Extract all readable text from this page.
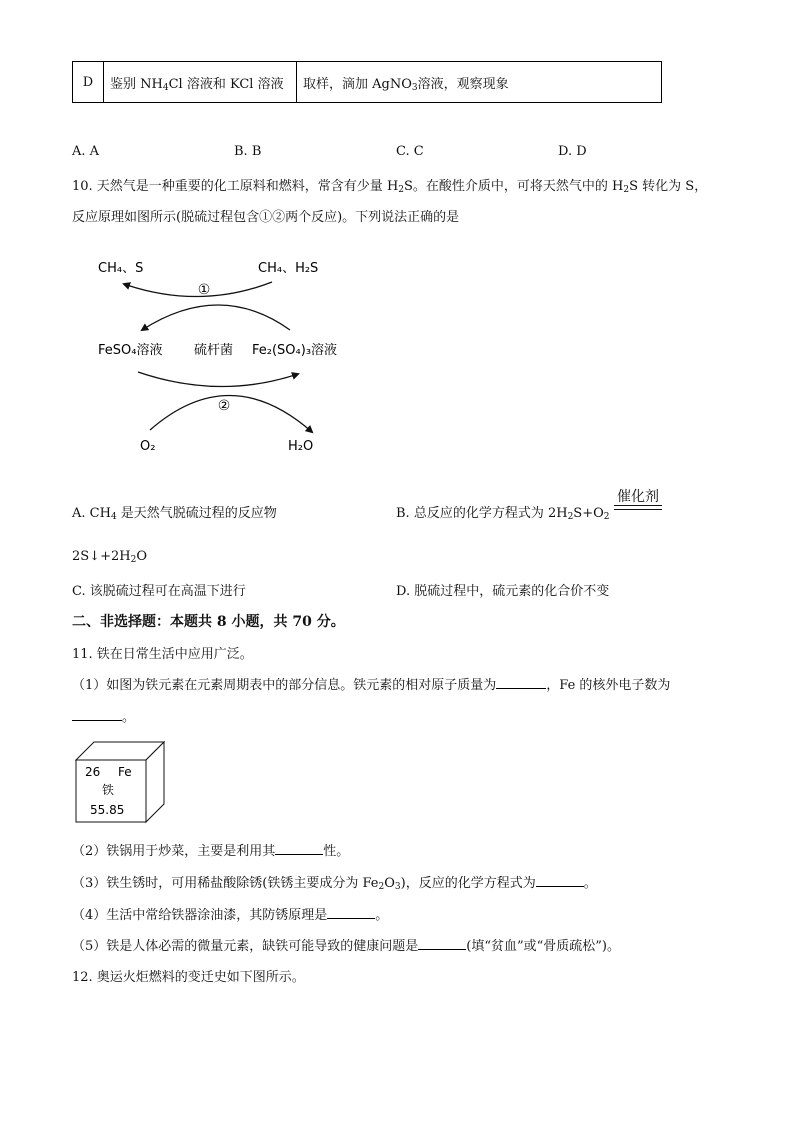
D	鉴别 $NH_4Cl$ 溶液和 KCl 溶液	取样，滴加 AgNO$_3$溶液，观察现象
A. A	B. B	C. C	D. D
10. 天然气是一种重要的化工原料和燃料，常含有少量 $H_2S$。在酸性介质中，可将天然气中的 $H_2S$ 转化为 S，
反应原理如图所示(脱硫过程包含①②两个反应)。下列说法正确的是
CH₄、S	CH₄、H₂S
①
FeSO₄溶液 硫杆菌 Fe₂(SO₄)₃溶液
②
O₂	H₂O
A. $CH_4$ 是天然气脱硫过程的反应物	B. 总反应的化学方程式为 $2H_2S+O_2$
催化剂
$2S↓+2H_2O$
C. 该脱硫过程可在高温下进行	D. 脱硫过程中，硫元素的化合价不变
二、非选择题：本题共 8 小题，共 70 分。
11. 铁在日常生活中应用广泛。
（1）如图为铁元素在元素周期表中的部分信息。铁元素的相对原子质量为	，Fe 的核外电子数为
。
26 Fe
铁
55.85
（2）铁锅用于炒菜，主要是利用其	性。
（3）铁生锈时，可用稀盐酸除锈(铁锈主要成分为 $Fe_2O_3$)，反应的化学方程式为	。
（4）生活中常给铁器涂油漆，其防锈原理是	。
（5）铁是人体必需的微量元素，缺铁可能导致的健康问题是	(填“贫血”或“骨质疏松”)。
12. 奥运火炬燃料的变迁史如下图所示。
